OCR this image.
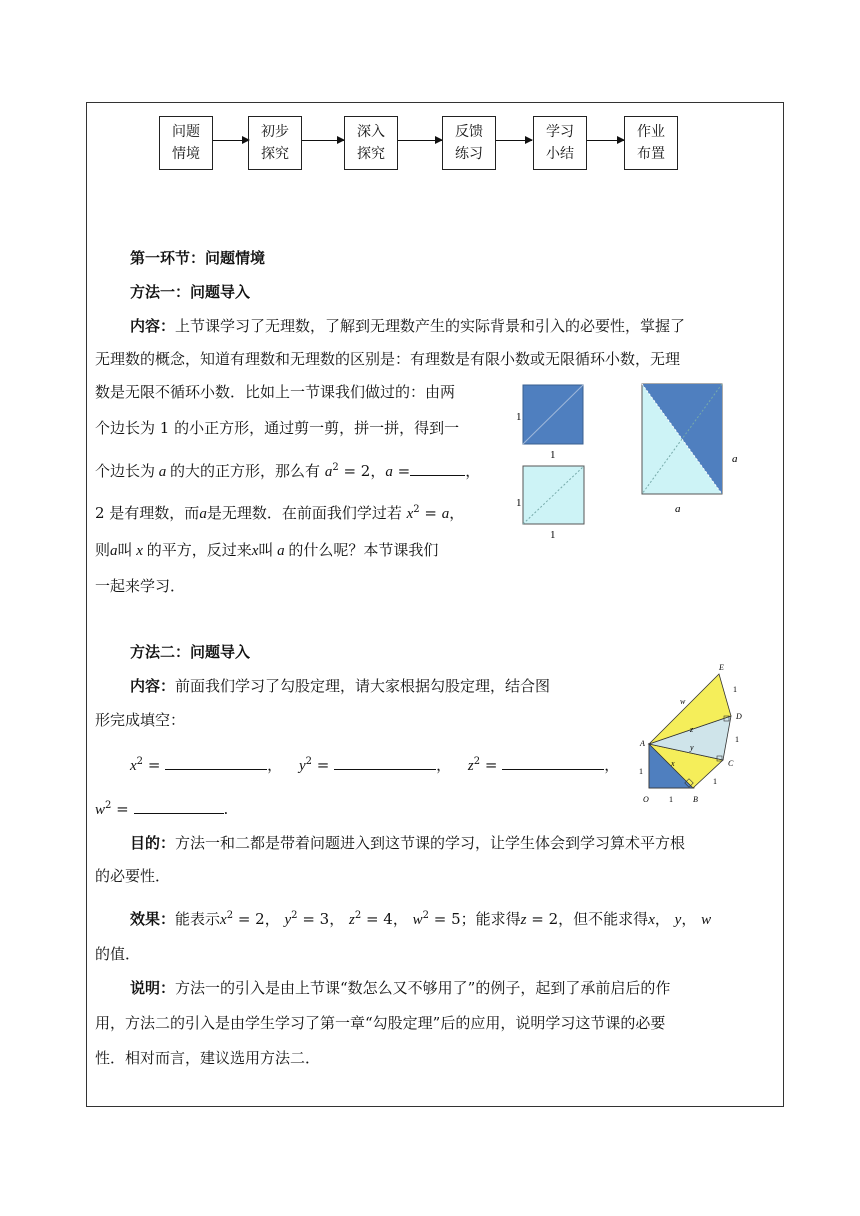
问题
情境
初步
探究
深入
探究
反馈
练习
学习
小结
作业
布置
第一环节：问题情境
方法一：问题导入
内容：上节课学习了无理数，了解到无理数产生的实际背景和引入的必要性，掌握了
无理数的概念，知道有理数和无理数的区别是：有理数是有限小数或无限循环小数，无理
数是无限不循环小数．比如上一节课我们做过的：由两
个边长为 1 的小正方形，通过剪一剪，拼一拼，得到一
个边长为 a 的大的正方形，那么有 $a^2 = 2$，a =	，
2 是有理数，而a是无理数．在前面我们学过若 $x^2 = a$，
则a叫 x 的平方，反过来x叫 a 的什么呢？本节课我们
一起来学习．
1
1
1
1
a
a
方法二：问题导入
内容：前面我们学习了勾股定理，请大家根据勾股定理，结合图
形完成填空：
$x^2$ =	， $y^2$ =	， $z^2$ =	，
$w^2$ =	.
E
D
A
C
O	B
w
z
y
x
1
1
1
1
1
目的：方法一和二都是带着问题进入到这节课的学习，让学生体会到学习算术平方根
的必要性．
效果：能表示$x^2 = 2$， $y^2 = 3$， $z^2 = 4$， $w^2 = 5$；能求得z = 2，但不能求得x， y， w
的值．
说明：方法一的引入是由上节课“数怎么又不够用了”的例子，起到了承前启后的作
用，方法二的引入是由学生学习了第一章“勾股定理”后的应用，说明学习这节课的必要
性．相对而言，建议选用方法二．
